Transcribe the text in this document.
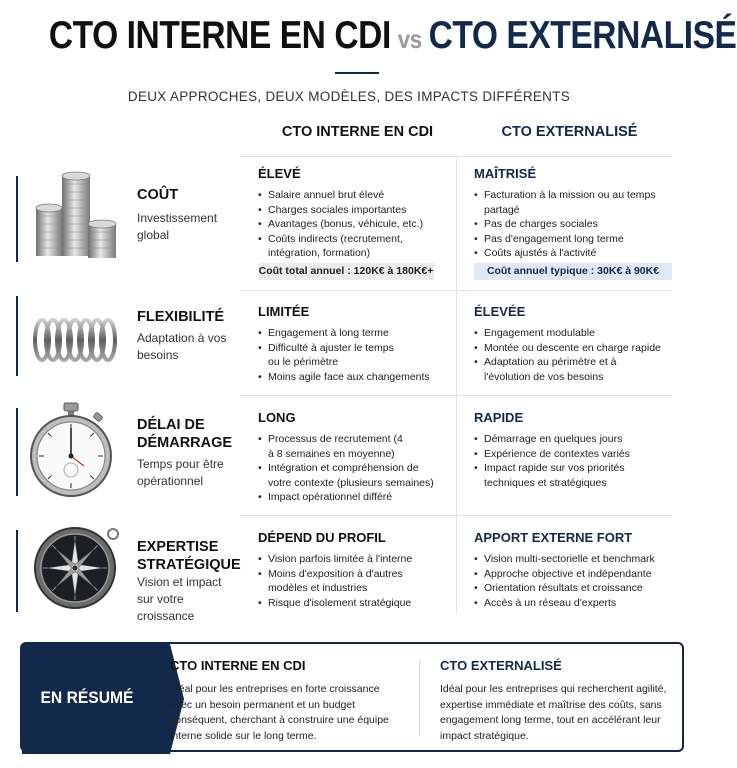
CTO INTERNE EN CDI vs CTO EXTERNALISÉ
DEUX APPROCHES, DEUX MODÈLES, DES IMPACTS DIFFÉRENTS
CTO INTERNE EN CDI	CTO EXTERNALISÉ
COÛT
Investissement global
ÉLEVÉ
• Salaire annuel brut élevé
• Charges sociales importantes
• Avantages (bonus, véhicule, etc.)
• Coûts indirects (recrutement, intégration, formation)
Coût total annuel : 120K€ à 180K€+
MAÎTRISÉ
• Facturation à la mission ou au temps partagé
• Pas de charges sociales
• Pas d'engagement long terme
• Coûts ajustés à l'activité
Coût annuel typique : 30K€ à 90K€
FLEXIBILITÉ
Adaptation à vos besoins
LIMITÉE
• Engagement à long terme
• Difficulté à ajuster le temps ou le périmètre
• Moins agile face aux changements
ÉLEVÉE
• Engagement modulable
• Montée ou descente en charge rapide
• Adaptation au périmètre et à l'évolution de vos besoins
DÉLAI DE DÉMARRAGE
Temps pour être opérationnel
LONG
• Processus de recrutement (4 à 8 semaines en moyenne)
• Intégration et compréhension de votre contexte (plusieurs semaines)
• Impact opérationnel différé
RAPIDE
• Démarrage en quelques jours
• Expérience de contextes variés
• Impact rapide sur vos priorités techniques et stratégiques
EXPERTISE STRATÉGIQUE
Vision et impact sur votre croissance
DÉPEND DU PROFIL
• Vision parfois limitée à l'interne
• Moins d'exposition à d'autres modèles et industries
• Risque d'isolement stratégique
APPORT EXTERNE FORT
• Vision multi-sectorielle et benchmark
• Approche objective et indépendante
• Orientation résultats et croissance
• Accès à un réseau d'experts
EN RÉSUMÉ
CTO INTERNE EN CDI
Idéal pour les entreprises en forte croissance avec un besoin permanent et un budget conséquent, cherchant à construire une équipe interne solide sur le long terme.
CTO EXTERNALISÉ
Idéal pour les entreprises qui recherchent agilité, expertise immédiate et maîtrise des coûts, sans engagement long terme, tout en accélérant leur impact stratégique.
